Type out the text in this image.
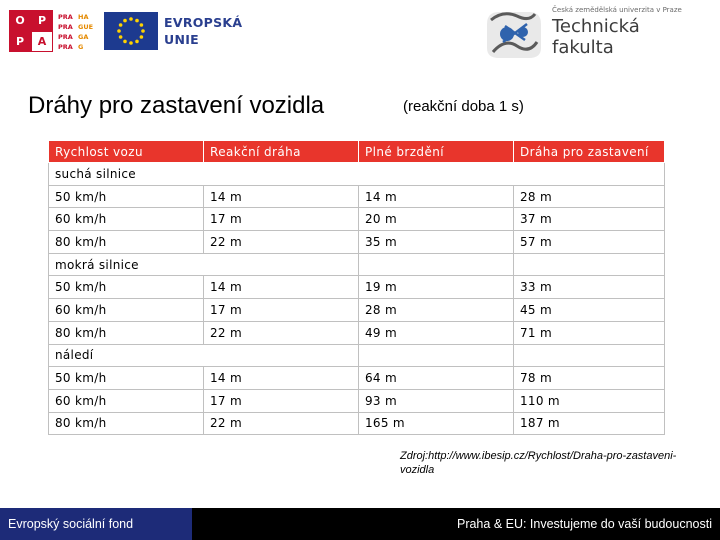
O	P
P	A
PRA HA
PRA GUE
PRA GA
PRA G
EVROPSKÁ
UNIE
Česká zemědělská univerzita v Praze
Technická
fakulta
Dráhy pro zastavení vozidla	(reakční doba 1 s)
Rychlost vozu	Reakční dráha	Plné brzdění	Dráha pro zastavení
suchá silnice			
50 km/h	14 m	14 m	28 m
60 km/h	17 m	20 m	37 m
80 km/h	22 m	35 m	57 m
mokrá silnice			
50 km/h	14 m	19 m	33 m
60 km/h	17 m	28 m	45 m
80 km/h	22 m	49 m	71 m
náledí			
50 km/h	14 m	64 m	78 m
60 km/h	17 m	93 m	110 m
80 km/h	22 m	165 m	187 m
Zdroj:http://www.ibesip.cz/Rychlost/Draha-pro-zastaveni-vozidla
Evropský sociální fond	Praha & EU: Investujeme do vaší budoucnosti
